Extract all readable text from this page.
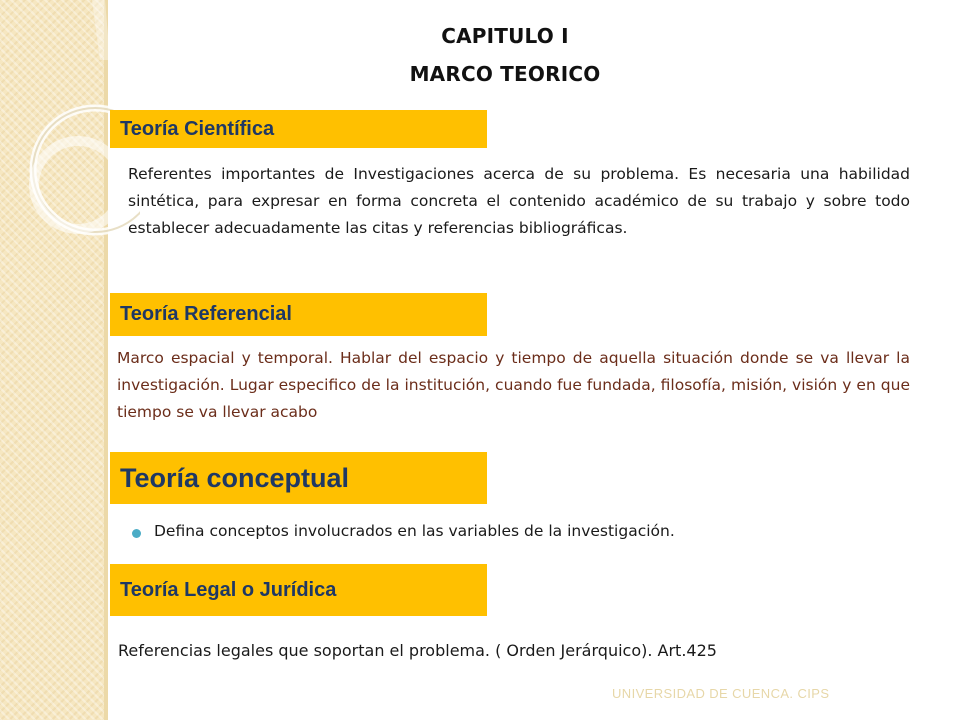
CAPITULO I
MARCO TEORICO
Teoría Científica
Referentes importantes de Investigaciones acerca de su problema. Es necesaria una habilidad sintética, para expresar en forma concreta el contenido académico de su trabajo y sobre todo establecer adecuadamente las citas y referencias bibliográficas.
Teoría Referencial
Marco espacial y temporal. Hablar del espacio y tiempo de aquella situación donde se va llevar la investigación. Lugar especifico de la institución, cuando fue fundada, filosofía, misión, visión y en que tiempo se va llevar acabo
Teoría conceptual
Defina conceptos involucrados en las variables de la investigación.
Teoría Legal o Jurídica
Referencias legales que soportan el problema. ( Orden Jerárquico). Art.425
UNIVERSIDAD DE CUENCA. CIPS
